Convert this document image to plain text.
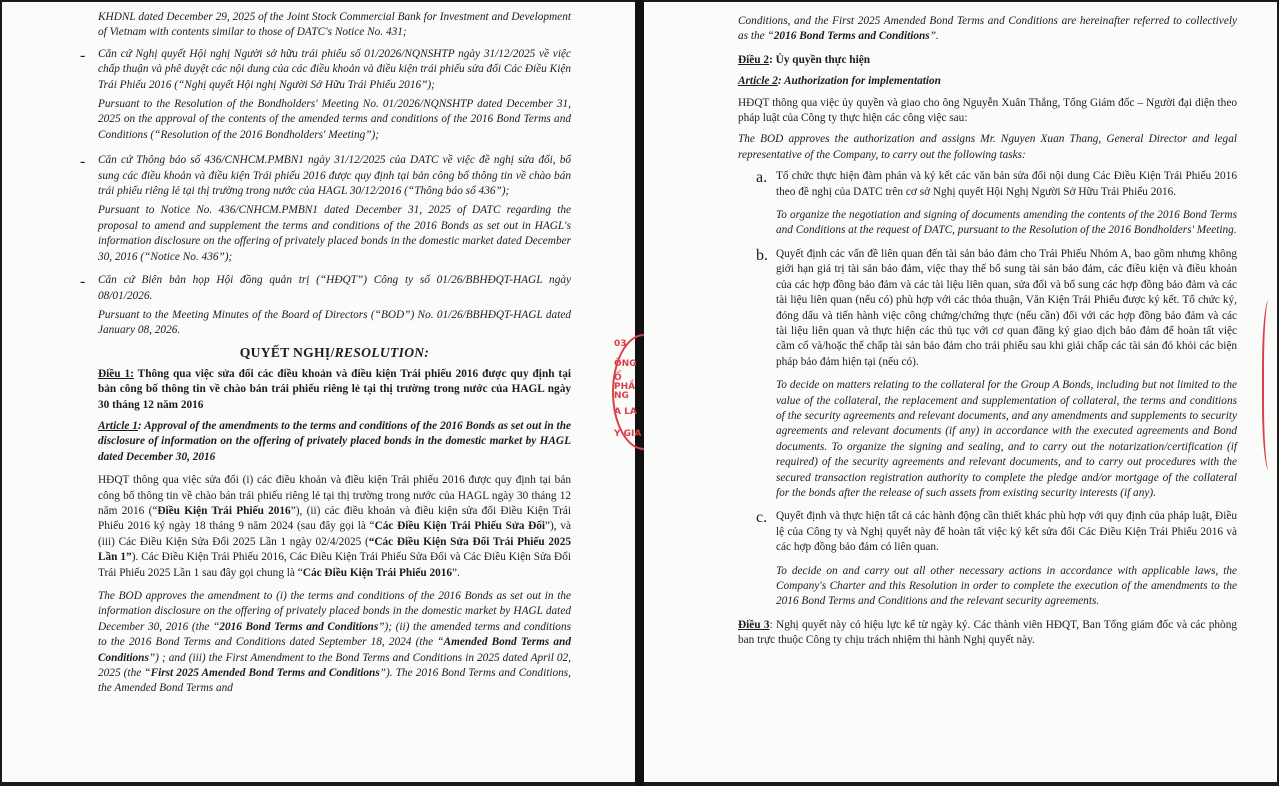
KHDNL dated December 29, 2025 of the Joint Stock Commercial Bank for Investment and Development of Vietnam with contents similar to those of DATC's Notice No. 431;

- Căn cứ Nghị quyết Hội nghị Người sở hữu trái phiếu số 01/2026/NQNSHTP ngày 31/12/2025 về việc chấp thuận và phê duyệt các nội dung của các điều khoản và điều kiện trái phiếu sửa đổi Các Điều Kiện Trái Phiếu 2016 (“Nghị quyết Hội nghị Người Sở Hữu Trái Phiếu 2016”);

Pursuant to the Resolution of the Bondholders' Meeting No. 01/2026/NQNSHTP dated December 31, 2025 on the approval of the contents of the amended terms and conditions of the 2016 Bond Terms and Conditions (“Resolution of the 2016 Bondholders' Meeting”);

- Căn cứ Thông báo số 436/CNHCM.PMBN1 ngày 31/12/2025 của DATC về việc đề nghị sửa đổi, bổ sung các điều khoản và điều kiện Trái phiếu 2016 được quy định tại bản công bố thông tin về chào bán trái phiếu riêng lẻ tại thị trường trong nước của HAGL 30/12/2016 (“Thông báo số 436”);

Pursuant to Notice No. 436/CNHCM.PMBN1 dated December 31, 2025 of DATC regarding the proposal to amend and supplement the terms and conditions of the 2016 Bonds as set out in HAGL's information disclosure on the offering of privately placed bonds in the domestic market dated December 30, 2016 (“Notice No. 436”);

- Căn cứ Biên bản họp Hội đồng quản trị (“HĐQT”) Công ty số 01/26/BBHĐQT-HAGL ngày 08/01/2026.

Pursuant to the Meeting Minutes of the Board of Directors (“BOD”) No. 01/26/BBHĐQT-HAGL dated January 08, 2026.

QUYẾT NGHỊ/RESOLUTION:

Điều 1: Thông qua việc sửa đổi các điều khoản và điều kiện Trái phiếu 2016 được quy định tại bản công bố thông tin về chào bán trái phiếu riêng lẻ tại thị trường trong nước của HAGL ngày 30 tháng 12 năm 2016

Article 1: Approval of the amendments to the terms and conditions of the 2016 Bonds as set out in the disclosure of information on the offering of privately placed bonds in the domestic market by HAGL dated December 30, 2016

HĐQT thông qua việc sửa đổi (i) các điều khoản và điều kiện Trái phiếu 2016 được quy định tại bản công bố thông tin về chào bán trái phiếu riêng lẻ tại thị trường trong nước của HAGL ngày 30 tháng 12 năm 2016 (“Điều Kiện Trái Phiếu 2016”), (ii) các điều khoản và điều kiện sửa đổi Điều Kiện Trái Phiếu 2016 ký ngày 18 tháng 9 năm 2024 (sau đây gọi là “Các Điều Kiện Trái Phiếu Sửa Đổi”), và (iii) Các Điều Kiện Sửa Đổi 2025 Lần 1 ngày 02/4/2025 (“Các Điều Kiện Sửa Đổi Trái Phiếu 2025 Lần 1”). Các Điều Kiện Trái Phiếu 2016, Các Điều Kiện Trái Phiếu Sửa Đổi và Các Điều Kiện Sửa Đổi Trái Phiếu 2025 Lần 1 sau đây gọi chung là “Các Điều Kiện Trái Phiếu 2016”.

The BOD approves the amendment to (i) the terms and conditions of the 2016 Bonds as set out in the information disclosure on the offering of privately placed bonds in the domestic market by HAGL dated December 30, 2016 (the “2016 Bond Terms and Conditions”); (ii) the amended terms and conditions to the 2016 Bond Terms and Conditions dated September 18, 2024 (the “Amended Bond Terms and Conditions”) ; and (iii) the First Amendment to the Bond Terms and Conditions in 2025 dated April 02, 2025 (the “First 2025 Amended Bond Terms and Conditions”). The 2016 Bond Terms and Conditions, the Amended Bond Terms and

03
ÔNG
Ổ PHẦ
NG
A LA
Y GIA

Conditions, and the First 2025 Amended Bond Terms and Conditions are hereinafter referred to collectively as the “2016 Bond Terms and Conditions”.

Điều 2: Ủy quyền thực hiện

Article 2: Authorization for implementation

HĐQT thông qua việc ủy quyền và giao cho ông Nguyễn Xuân Thắng, Tổng Giám đốc – Người đại diện theo pháp luật của Công ty thực hiện các công việc sau:

The BOD approves the authorization and assigns Mr. Nguyen Xuan Thang, General Director and legal representative of the Company, to carry out the following tasks:

a. Tổ chức thực hiện đàm phán và ký kết các văn bản sửa đổi nội dung Các Điều Kiện Trái Phiếu 2016 theo đề nghị của DATC trên cơ sở Nghị quyết Hội Nghị Người Sở Hữu Trái Phiếu 2016.

To organize the negotiation and signing of documents amending the contents of the 2016 Bond Terms and Conditions at the request of DATC, pursuant to the Resolution of the 2016 Bondholders' Meeting.

b. Quyết định các vấn đề liên quan đến tài sản bảo đảm cho Trái Phiếu Nhóm A, bao gồm nhưng không giới hạn giá trị tài sản bảo đảm, việc thay thế bổ sung tài sản bảo đảm, các điều kiện và điều khoản của các hợp đồng bảo đảm và các tài liệu liên quan, sửa đổi và bổ sung các hợp đồng bảo đảm và các tài liệu liên quan (nếu có) phù hợp với các thỏa thuận, Văn Kiện Trái Phiếu được ký kết. Tổ chức ký, đóng dấu và tiến hành việc công chứng/chứng thực (nếu cần) đối với các hợp đồng bảo đảm và các tài liệu liên quan và thực hiện các thủ tục với cơ quan đăng ký giao dịch bảo đảm để hoàn tất việc cầm cố và/hoặc thế chấp tài sản bảo đảm cho trái phiếu sau khi giải chấp các tài sản đó khỏi các biện pháp bảo đảm hiện tại (nếu có).

To decide on matters relating to the collateral for the Group A Bonds, including but not limited to the value of the collateral, the replacement and supplementation of collateral, the terms and conditions of the security agreements and relevant documents, and any amendments and supplements to security agreements and relevant documents (if any) in accordance with the executed agreements and Bond documents. To organize the signing and sealing, and to carry out the notarization/certification (if required) of the security agreements and relevant documents, and to carry out procedures with the secured transaction registration authority to complete the pledge and/or mortgage of the collateral for the bonds after the release of such assets from existing security interests (if any).

c. Quyết định và thực hiện tất cả các hành động cần thiết khác phù hợp với quy định của pháp luật, Điều lệ của Công ty và Nghị quyết này để hoàn tất việc ký kết sửa đổi Các Điều Kiện Trái Phiếu 2016 và các hợp đồng bảo đảm có liên quan.

To decide on and carry out all other necessary actions in accordance with applicable laws, the Company's Charter and this Resolution in order to complete the execution of the amendments to the 2016 Bond Terms and Conditions and the relevant security agreements.

Điều 3: Nghị quyết này có hiệu lực kể từ ngày ký. Các thành viên HĐQT, Ban Tổng giám đốc và các phòng ban trực thuộc Công ty chịu trách nhiệm thi hành Nghị quyết này.
